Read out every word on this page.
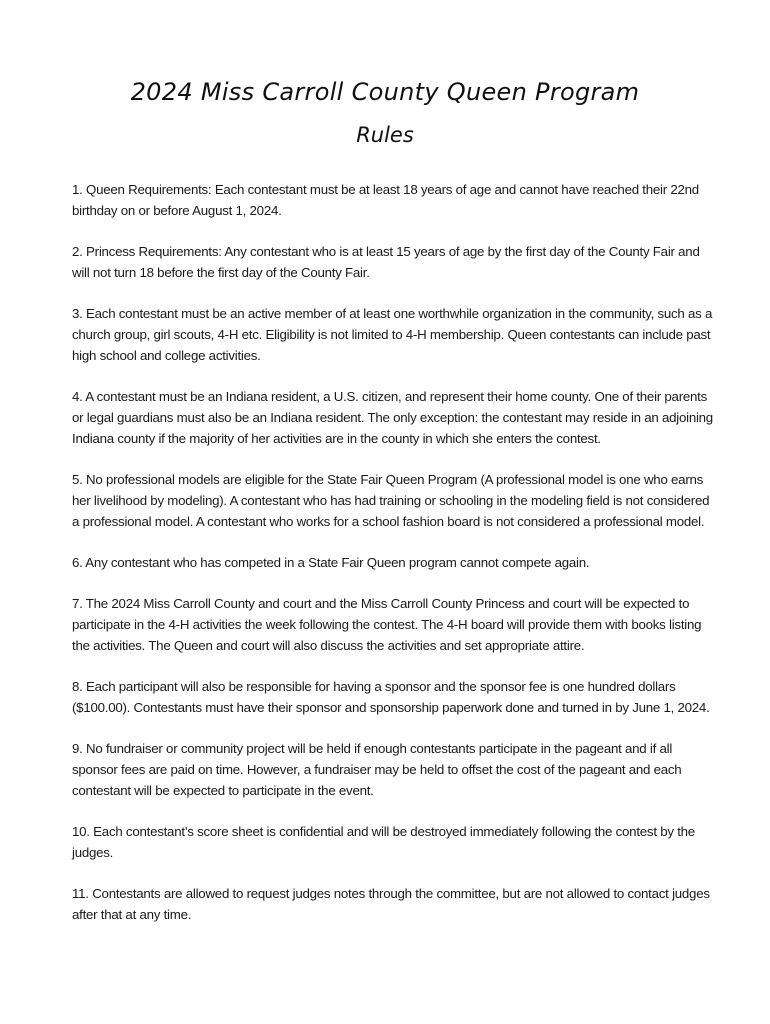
2024 Miss Carroll County Queen Program
Rules
1. Queen Requirements: Each contestant must be at least 18 years of age and cannot have reached their 22nd birthday on or before August 1, 2024.
2. Princess Requirements: Any contestant who is at least 15 years of age by the first day of the County Fair and will not turn 18 before the first day of the County Fair.
3. Each contestant must be an active member of at least one worthwhile organization in the community, such as a church group, girl scouts, 4-H etc. Eligibility is not limited to 4-H membership. Queen contestants can include past high school and college activities.
4. A contestant must be an Indiana resident, a U.S. citizen, and represent their home county. One of their parents or legal guardians must also be an Indiana resident. The only exception: the contestant may reside in an adjoining Indiana county if the majority of her activities are in the county in which she enters the contest.
5. No professional models are eligible for the State Fair Queen Program (A professional model is one who earns her livelihood by modeling). A contestant who has had training or schooling in the modeling field is not considered a professional model. A contestant who works for a school fashion board is not considered a professional model.
6. Any contestant who has competed in a State Fair Queen program cannot compete again.
7. The 2024 Miss Carroll County and court and the Miss Carroll County Princess and court will be expected to participate in the 4-H activities the week following the contest. The 4-H board will provide them with books listing the activities. The Queen and court will also discuss the activities and set appropriate attire.
8. Each participant will also be responsible for having a sponsor and the sponsor fee is one hundred dollars ($100.00). Contestants must have their sponsor and sponsorship paperwork done and turned in by June 1, 2024.
9. No fundraiser or community project will be held if enough contestants participate in the pageant and if all sponsor fees are paid on time. However, a fundraiser may be held to offset the cost of the pageant and each contestant will be expected to participate in the event.
10. Each contestant’s score sheet is confidential and will be destroyed immediately following the contest by the judges.
11. Contestants are allowed to request judges notes through the committee, but are not allowed to contact judges after that at any time.
